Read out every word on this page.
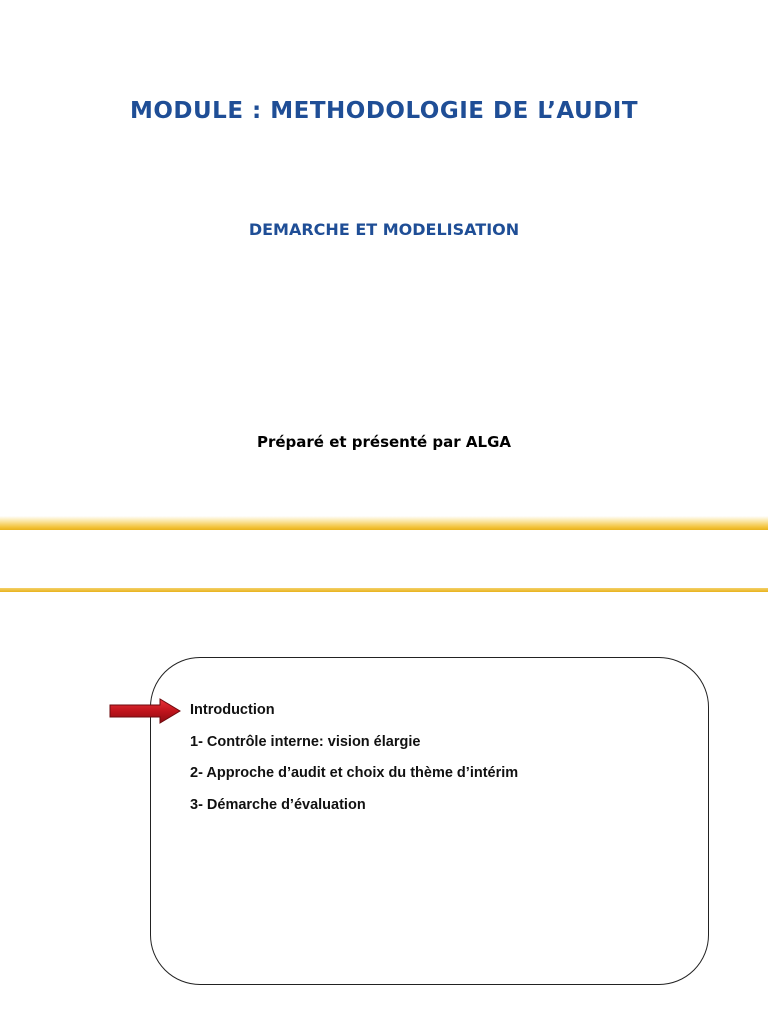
MODULE : METHODOLOGIE DE L’AUDIT
DEMARCHE ET MODELISATION
Préparé et présenté par ALGA
Introduction
1- Contrôle interne: vision élargie
2- Approche d’audit et choix du thème d’intérim
3- Démarche d’évaluation
